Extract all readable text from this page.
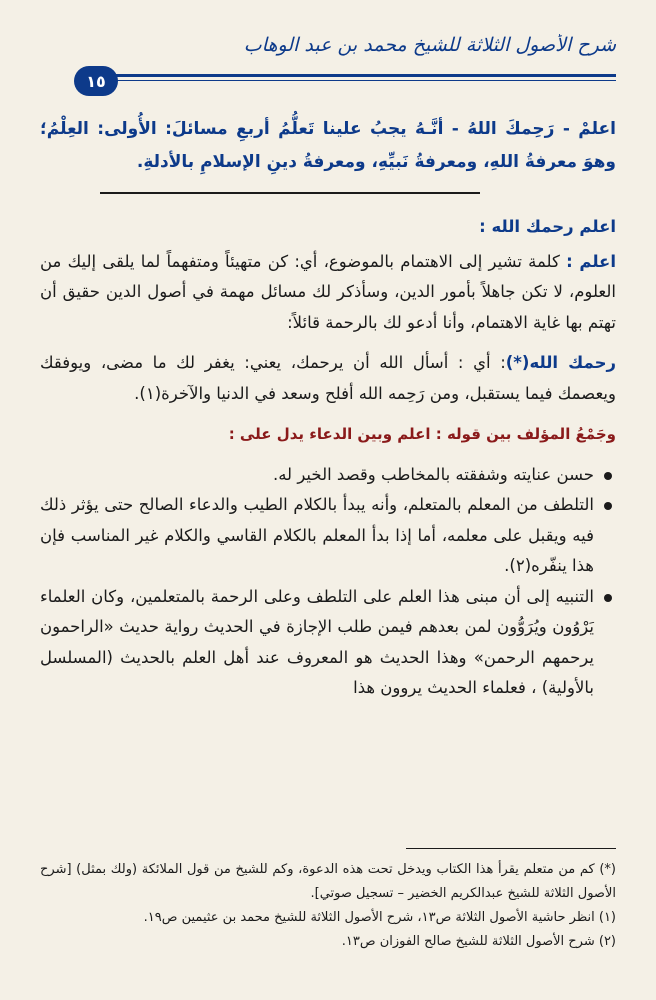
شرح الأصول الثلاثة للشيخ محمد بن عبد الوهاب
١٥
اعلمْ - رَحِمكَ اللهُ - أنَّـهُ يجبُ علينا تَعلُّمُ أربعِ مسائلَ: الأُولى: العِلْمُ؛ وهوَ معرفةُ اللهِ، ومعرفةُ نَبيِّهِ، ومعرفةُ دينِ الإسلامِ بالأدلةِ.

اعلم رحمك الله :

اعلم : كلمة تشير إلى الاهتمام بالموضوع، أي: كن متهيئاً ومتفهماً لما يلقى إليك من العلوم، لا تكن جاهلاً بأمور الدين، وسأذكر لك مسائل مهمة في أصول الدين حقيق أن تهتم بها غاية الاهتمام، وأنا أدعو لك بالرحمة قائلاً:

رحمك الله(*): أي : أسأل الله أن يرحمك، يعني: يغفر لك ما مضى، ويوفقك ويعصمك فيما يستقبل، ومن رَحِمه الله أفلح وسعد في الدنيا والآخرة(١).

وجَمْعُ المؤلف بين قوله : اعلم وبين الدعاء يدل على :

حسن عنايته وشفقته بالمخاطب وقصد الخير له.
التلطف من المعلم بالمتعلم، وأنه يبدأ بالكلام الطيب والدعاء الصالح حتى يؤثر ذلك فيه ويقبل على معلمه، أما إذا بدأ المعلم بالكلام القاسي والكلام غير المناسب فإن هذا ينفّره(٢).
التنبيه إلى أن مبنى هذا العلم على التلطف وعلى الرحمة بالمتعلمين، وكان العلماء يَرْوُون ويُرَوُّون لمن بعدهم فيمن طلب الإجازة في الحديث رواية حديث «الراحمون يرحمهم الرحمن» وهذا الحديث هو المعروف عند أهل العلم بالحديث (المسلسل بالأولية) ، فعلماء الحديث يروون هذا

(*) كم من متعلم يقرأ هذا الكتاب ويدخل تحت هذه الدعوة، وكم للشيخ من قول الملائكة (ولك بمثل) [شرح الأصول الثلاثة للشيخ عبدالكريم الخضير – تسجيل صوتي].

(١) انظر حاشية الأصول الثلاثة ص١٣، شرح الأصول الثلاثة للشيخ محمد بن عثيمين ص١٩.

(٢) شرح الأصول الثلاثة للشيخ صالح الفوزان ص١٣.
